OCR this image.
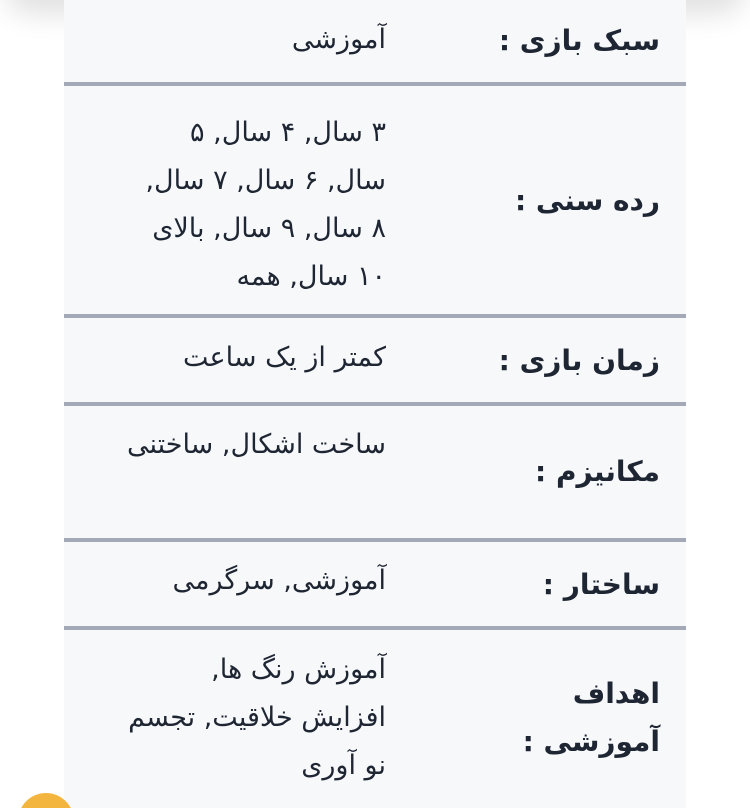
سبک بازی :
آموزشی
رده سنی :
۳ سال, ۴ سال, ۵ سال, ۶ سال, ۷ سال, ۸ سال, ۹ سال, بالای ۱۰ سال, همه
زمان بازی :
کمتر از یک ساعت
مکانیزم :
ساخت اشکال, ساختنی
ساختار :
آموزشی, سرگرمی
اهداف آموزشی :
آموزش رنگ ها, افزایش خلاقیت, تجسم نو آوری
